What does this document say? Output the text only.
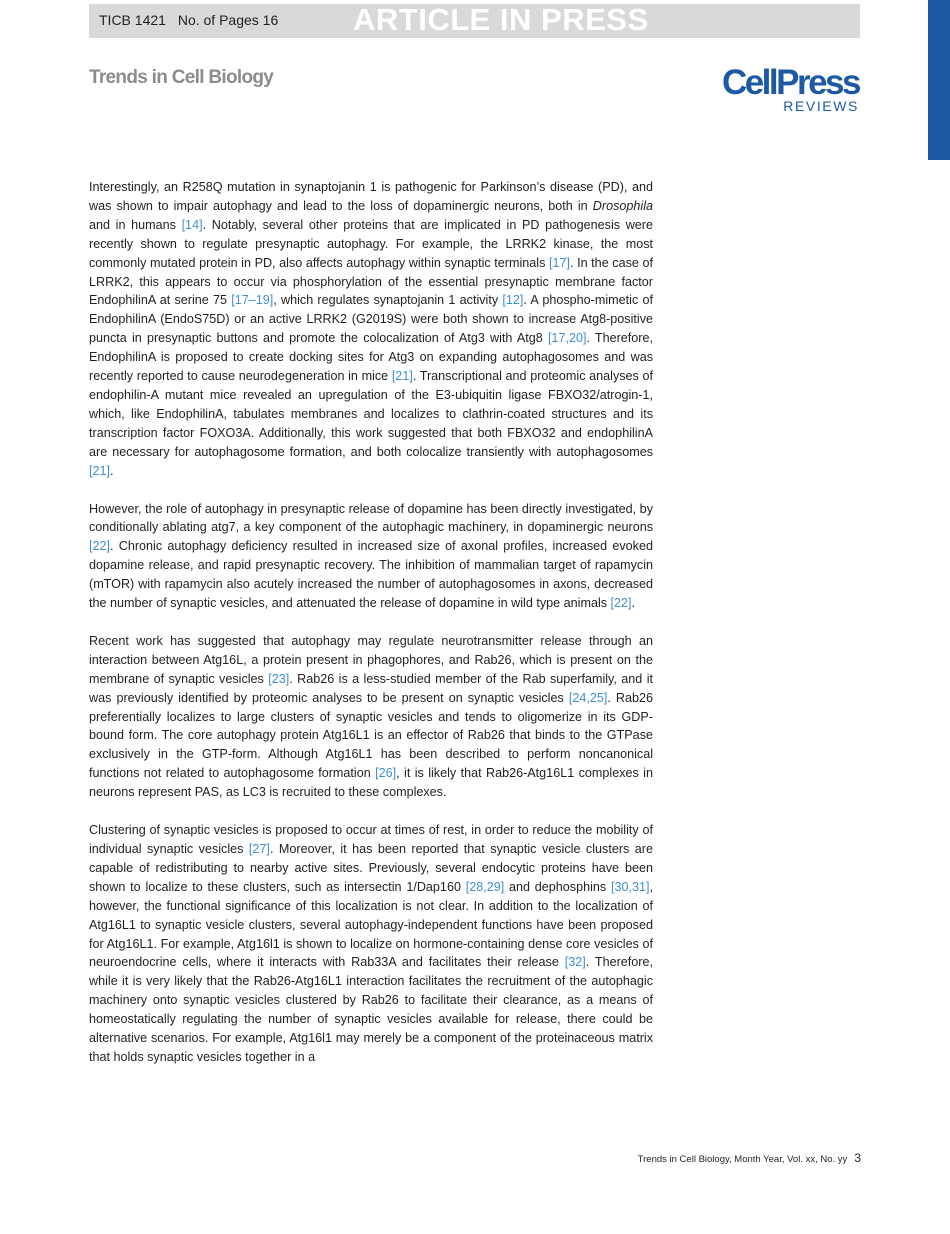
TICB 1421 No. of Pages 16 ARTICLE IN PRESS
Trends in Cell Biology	CellPress
REVIEWS

Interestingly, an R258Q mutation in synaptojanin 1 is pathogenic for Parkinson’s disease (PD), and was shown to impair autophagy and lead to the loss of dopaminergic neurons, both in Drosophila and in humans [14]. Notably, several other proteins that are implicated in PD pathogenesis were recently shown to regulate presynaptic autophagy. For example, the LRRK2 kinase, the most commonly mutated protein in PD, also affects autophagy within synaptic terminals [17]. In the case of LRRK2, this appears to occur via phosphorylation of the essential presynaptic membrane factor EndophilinA at serine 75 [17–19], which regulates synaptojanin 1 activity [12]. A phospho-mimetic of EndophilinA (EndoS75D) or an active LRRK2 (G2019S) were both shown to increase Atg8-positive puncta in presynaptic buttons and promote the colocalization of Atg3 with Atg8 [17,20]. Therefore, EndophilinA is proposed to create docking sites for Atg3 on expanding autophagosomes and was recently reported to cause neurodegeneration in mice [21]. Transcriptional and proteomic analyses of endophilin-A mutant mice revealed an upregulation of the E3-ubiquitin ligase FBXO32/atrogin-1, which, like EndophilinA, tabulates membranes and localizes to clathrin-coated structures and its transcription factor FOXO3A. Additionally, this work suggested that both FBXO32 and endophilinA are necessary for autophagosome formation, and both colocalize transiently with autophagosomes [21].

However, the role of autophagy in presynaptic release of dopamine has been directly investigated, by conditionally ablating atg7, a key component of the autophagic machinery, in dopaminergic neurons [22]. Chronic autophagy deficiency resulted in increased size of axonal profiles, increased evoked dopamine release, and rapid presynaptic recovery. The inhibition of mammalian target of rapamycin (mTOR) with rapamycin also acutely increased the number of autophagosomes in axons, decreased the number of synaptic vesicles, and attenuated the release of dopamine in wild type animals [22].

Recent work has suggested that autophagy may regulate neurotransmitter release through an interaction between Atg16L, a protein present in phagophores, and Rab26, which is present on the membrane of synaptic vesicles [23]. Rab26 is a less-studied member of the Rab superfamily, and it was previously identified by proteomic analyses to be present on synaptic vesicles [24,25]. Rab26 preferentially localizes to large clusters of synaptic vesicles and tends to oligomerize in its GDP-bound form. The core autophagy protein Atg16L1 is an effector of Rab26 that binds to the GTPase exclusively in the GTP-form. Although Atg16L1 has been described to perform noncanonical functions not related to autophagosome formation [26], it is likely that Rab26-Atg16L1 complexes in neurons represent PAS, as LC3 is recruited to these complexes.

Clustering of synaptic vesicles is proposed to occur at times of rest, in order to reduce the mobility of individual synaptic vesicles [27]. Moreover, it has been reported that synaptic vesicle clusters are capable of redistributing to nearby active sites. Previously, several endocytic proteins have been shown to localize to these clusters, such as intersectin 1/Dap160 [28,29] and dephosphins [30,31], however, the functional significance of this localization is not clear. In addition to the localization of Atg16L1 to synaptic vesicle clusters, several autophagy-independent functions have been proposed for Atg16L1. For example, Atg16l1 is shown to localize on hormone-containing dense core vesicles of neuroendocrine cells, where it interacts with Rab33A and facilitates their release [32]. Therefore, while it is very likely that the Rab26-Atg16L1 interaction facilitates the recruitment of the autophagic machinery onto synaptic vesicles clustered by Rab26 to facilitate their clearance, as a means of homeostatically regulating the number of synaptic vesicles available for release, there could be alternative scenarios. For example, Atg16l1 may merely be a component of the proteinaceous matrix that holds synaptic vesicles together in a

Trends in Cell Biology, Month Year, Vol. xx, No. yy 3
